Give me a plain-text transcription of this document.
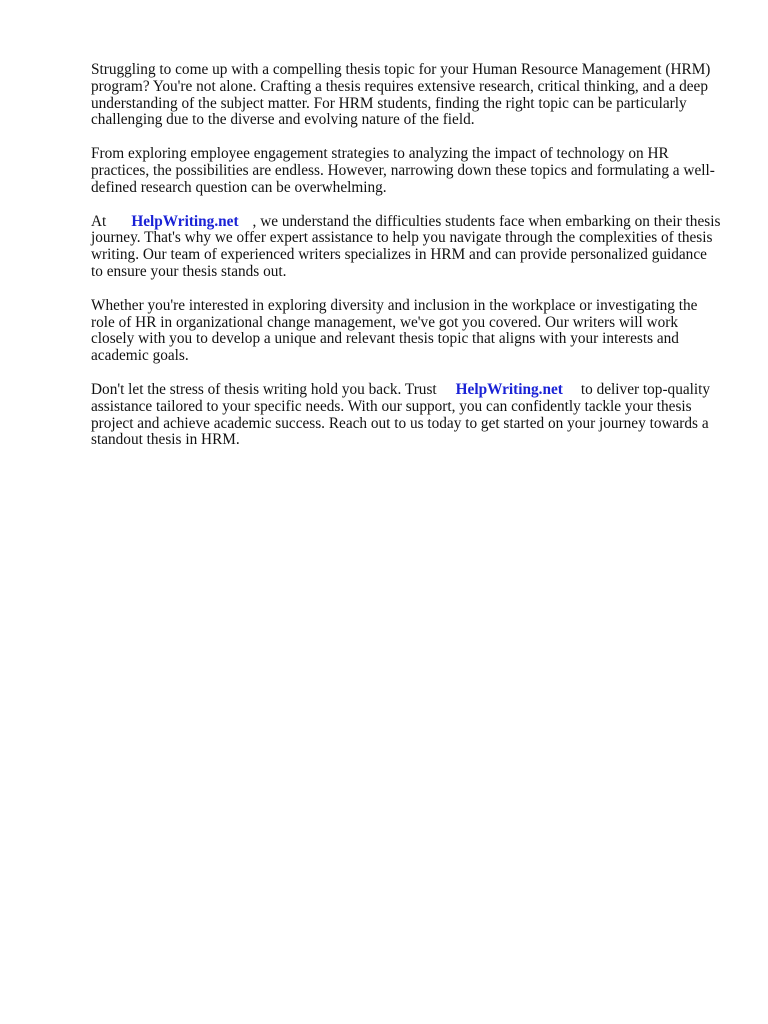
Struggling to come up with a compelling thesis topic for your Human Resource Management (HRM) program? You're not alone. Crafting a thesis requires extensive research, critical thinking, and a deep understanding of the subject matter. For HRM students, finding the right topic can be particularly challenging due to the diverse and evolving nature of the field.

From exploring employee engagement strategies to analyzing the impact of technology on HR practices, the possibilities are endless. However, narrowing down these topics and formulating a well-defined research question can be overwhelming.

At HelpWriting.net , we understand the difficulties students face when embarking on their thesis journey. That's why we offer expert assistance to help you navigate through the complexities of thesis writing. Our team of experienced writers specializes in HRM and can provide personalized guidance to ensure your thesis stands out.

Whether you're interested in exploring diversity and inclusion in the workplace or investigating the role of HR in organizational change management, we've got you covered. Our writers will work closely with you to develop a unique and relevant thesis topic that aligns with your interests and academic goals.

Don't let the stress of thesis writing hold you back. Trust HelpWriting.net to deliver top-quality assistance tailored to your specific needs. With our support, you can confidently tackle your thesis project and achieve academic success. Reach out to us today to get started on your journey towards a standout thesis in HRM.
